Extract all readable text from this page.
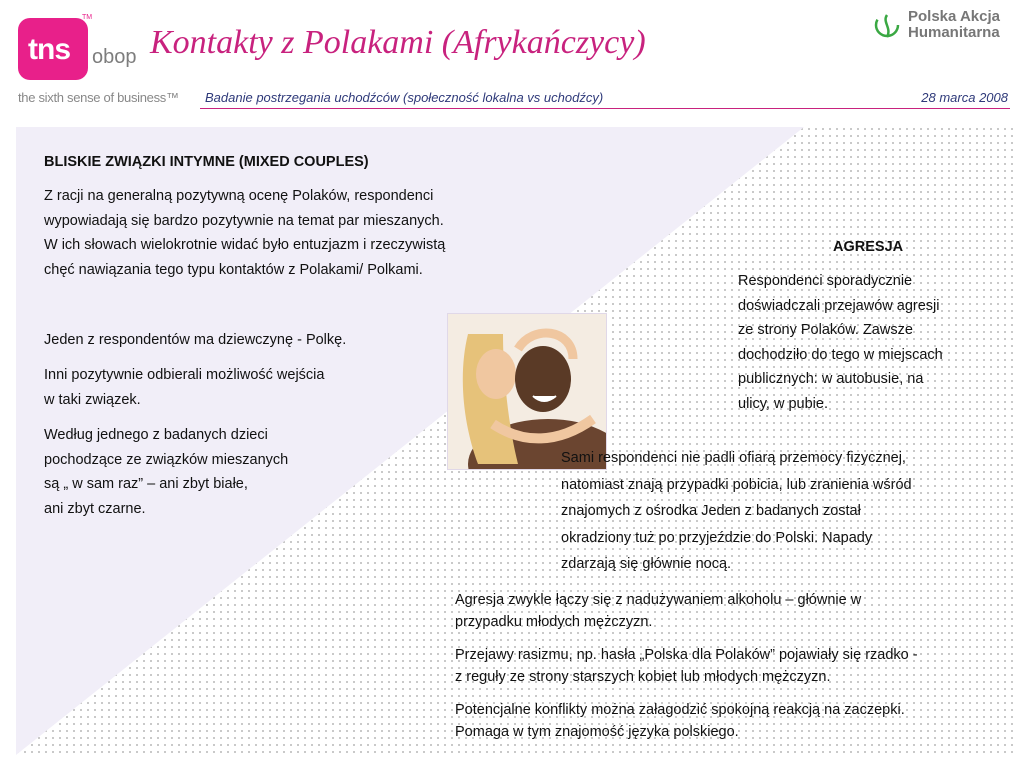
tns
TM
obop
the sixth sense of business™
Kontakty z Polakami (Afrykańczycy)
Polska Akcja
Humanitarna
Badanie postrzegania uchodźców (społeczność lokalna vs uchodźcy)	28 marca 2008
BLISKIE ZWIĄZKI INTYMNE (MIXED COUPLES)
Z racji na generalną pozytywną ocenę Polaków, respondenci
wypowiadają się bardzo pozytywnie na temat par mieszanych.
W ich słowach wielokrotnie widać było entuzjazm i rzeczywistą
chęć nawiązania tego typu kontaktów z Polakami/ Polkami.
Jeden z respondentów ma dziewczynę - Polkę.
Inni pozytywnie odbierali możliwość wejścia
w taki związek.
Według jednego z badanych dzieci
pochodzące ze związków mieszanych
są „ w sam raz” – ani zbyt białe,
ani zbyt czarne.
AGRESJA
Respondenci sporadycznie
doświadczali przejawów agresji
ze strony Polaków. Zawsze
dochodziło do tego w miejscach
publicznych: w autobusie, na
ulicy, w pubie.
Sami respondenci nie padli ofiarą przemocy fizycznej,
natomiast znają przypadki pobicia, lub zranienia wśród
znajomych z ośrodka Jeden z badanych został
okradziony tuż po przyjeździe do Polski. Napady
zdarzają się głównie nocą.
Agresja zwykle łączy się z nadużywaniem alkoholu – głównie w
przypadku młodych mężczyzn.
Przejawy rasizmu, np. hasła „Polska dla Polaków” pojawiały się rzadko -
z reguły ze strony starszych kobiet lub młodych mężczyzn.
Potencjalne konflikty można załagodzić spokojną reakcją na zaczepki.
Pomaga w tym znajomość języka polskiego.
